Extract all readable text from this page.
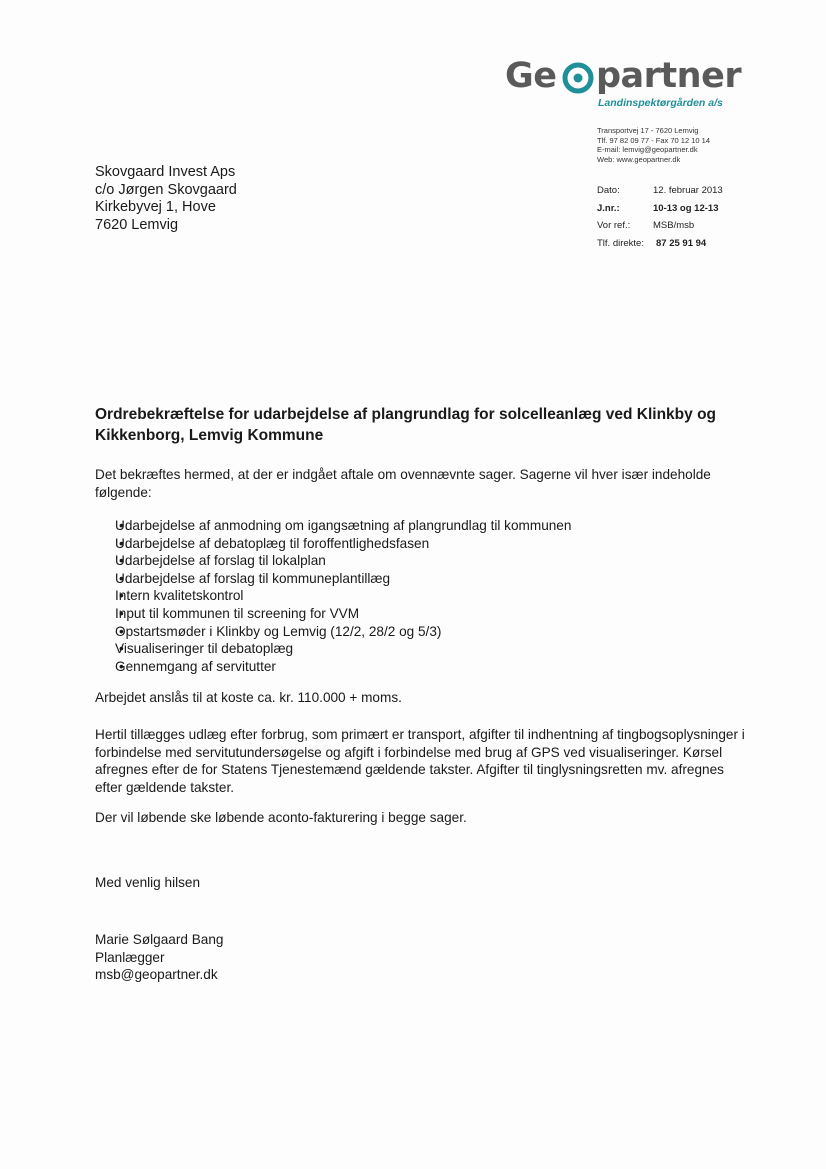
Ge partner
Landinspektørgården a/s
Transportvej 17 - 7620 Lemvig
Tlf. 97 82 09 77 - Fax 70 12 10 14
E-mail: lemvig@geopartner.dk
Web: www.geopartner.dk
Skovgaard Invest Aps
c/o Jørgen Skovgaard
Kirkebyvej 1, Hove
7620 Lemvig
Dato:	12. februar 2013
J.nr.:	10-13 og 12-13
Vor ref.: MSB/msb
Tlf. direkte: 87 25 91 94
Ordrebekræftelse for udarbejdelse af plangrundlag for solcelleanlæg ved Klinkby og Kikkenborg, Lemvig Kommune
Det bekræftes hermed, at der er indgået aftale om ovennævnte sager. Sagerne vil hver især indeholde følgende:
• Udarbejdelse af anmodning om igangsætning af plangrundlag til kommunen
• Udarbejdelse af debatoplæg til foroffentlighedsfasen
• Udarbejdelse af forslag til lokalplan
• Udarbejdelse af forslag til kommuneplantillæg
• Intern kvalitetskontrol
• Input til kommunen til screening for VVM
• Opstartsmøder i Klinkby og Lemvig (12/2, 28/2 og 5/3)
• Visualiseringer til debatoplæg
• Gennemgang af servitutter
Arbejdet anslås til at koste ca. kr. 110.000 + moms.
Hertil tillægges udlæg efter forbrug, som primært er transport, afgifter til indhentning af tingbogsoplysninger i forbindelse med servitutundersøgelse og afgift i forbindelse med brug af GPS ved visualiseringer. Kørsel afregnes efter de for Statens Tjenestemænd gældende takster. Afgifter til tinglysningsretten mv. afregnes efter gældende takster.
Der vil løbende ske løbende aconto-fakturering i begge sager.
Med venlig hilsen
Marie Sølgaard Bang
Planlægger
msb@geopartner.dk
